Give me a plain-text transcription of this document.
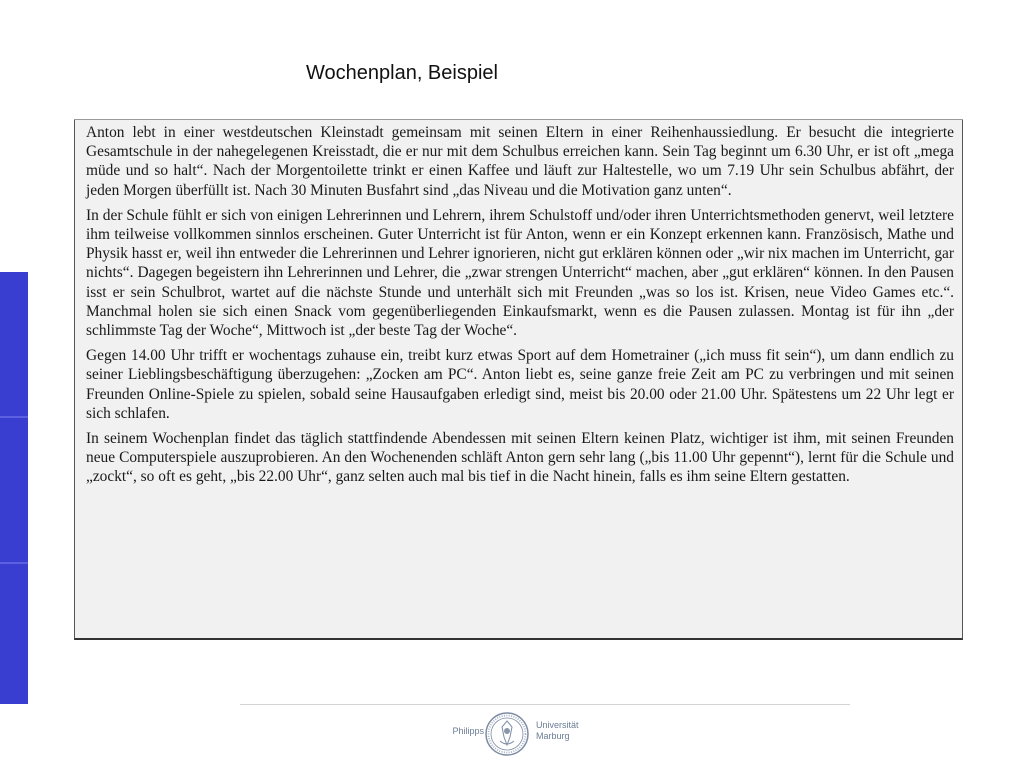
Wochenplan, Beispiel

Anton lebt in einer westdeutschen Kleinstadt gemeinsam mit seinen Eltern in einer Reihenhaussiedlung. Er besucht die integrierte Gesamtschule in der nahegelegenen Kreisstadt, die er nur mit dem Schulbus erreichen kann. Sein Tag beginnt um 6.30 Uhr, er ist oft „mega müde und so halt“. Nach der Morgentoilette trinkt er einen Kaffee und läuft zur Haltestelle, wo um 7.19 Uhr sein Schulbus abfährt, der jeden Morgen überfüllt ist. Nach 30 Minuten Busfahrt sind „das Niveau und die Motivation ganz unten“.

In der Schule fühlt er sich von einigen Lehrerinnen und Lehrern, ihrem Schulstoff und/oder ihren Unterrichtsmethoden genervt, weil letztere ihm teilweise vollkommen sinnlos erscheinen. Guter Unterricht ist für Anton, wenn er ein Konzept erkennen kann. Französisch, Mathe und Physik hasst er, weil ihn entweder die Lehrerinnen und Lehrer ignorieren, nicht gut erklären können oder „wir nix machen im Unterricht, gar nichts“. Dagegen begeistern ihn Lehrerinnen und Lehrer, die „zwar strengen Unterricht“ machen, aber „gut erklären“ können. In den Pausen isst er sein Schulbrot, wartet auf die nächste Stunde und unterhält sich mit Freunden „was so los ist. Krisen, neue Video Games etc.“. Manchmal holen sie sich einen Snack vom gegenüberliegenden Einkaufsmarkt, wenn es die Pausen zulassen. Montag ist für ihn „der schlimmste Tag der Woche“, Mittwoch ist „der beste Tag der Woche“.

Gegen 14.00 Uhr trifft er wochentags zuhause ein, treibt kurz etwas Sport auf dem Hometrainer („ich muss fit sein“), um dann endlich zu seiner Lieblingsbeschäftigung überzugehen: „Zocken am PC“. Anton liebt es, seine ganze freie Zeit am PC zu verbringen und mit seinen Freunden Online-Spiele zu spielen, sobald seine Hausaufgaben erledigt sind, meist bis 20.00 oder 21.00 Uhr. Spätestens um 22 Uhr legt er sich schlafen.

In seinem Wochenplan findet das täglich stattfindende Abendessen mit seinen Eltern keinen Platz, wichtiger ist ihm, mit seinen Freunden neue Computerspiele auszuprobieren. An den Wochenenden schläft Anton gern sehr lang („bis 11.00 Uhr gepennt“), lernt für die Schule und „zockt“, so oft es geht, „bis 22.00 Uhr“, ganz selten auch mal bis tief in die Nacht hinein, falls es ihm seine Eltern gestatten.

Philipps
Universität
Marburg
